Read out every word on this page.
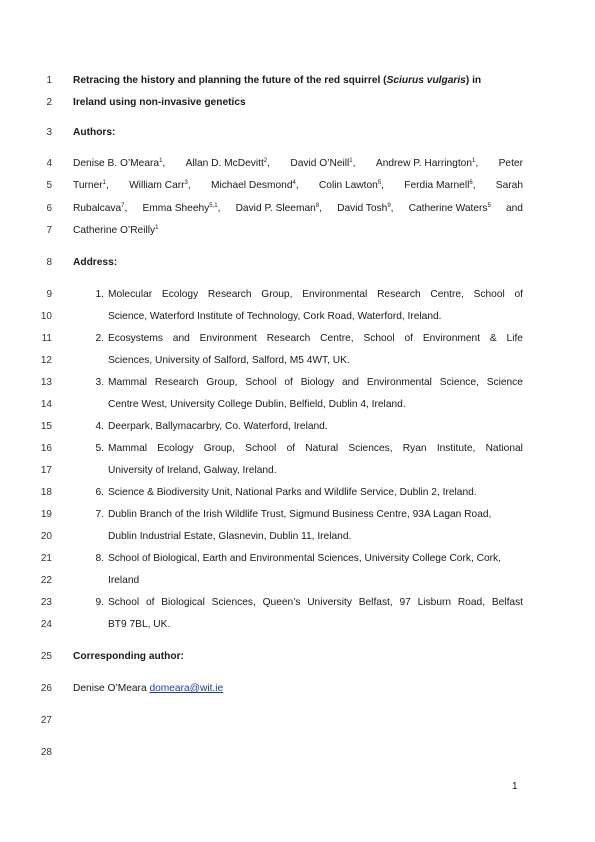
1
2
3
4
5
6
7
8
9
10
11
12
13
14
15
16
17
18
19
20
21
22
23
24
25
26
27
28
Retracing the history and planning the future of the red squirrel (Sciurus vulgaris) in
Ireland using non-invasive genetics
Authors:
Denise B. O’Meara$^1$, Allan D. McDevitt$^2$, David O’Neill$^1$, Andrew P. Harrington$^1$, Peter
Turner$^1$, William Carr$^3$, Michael Desmond$^4$, Colin Lawton$^5$, Ferdia Marnell$^6$, Sarah
Rubalcava$^7$, Emma Sheehy$^{5,1}$, David P. Sleeman$^8$, David Tosh$^9$, Catherine Waters$^5$ and
Catherine O’Reilly$^1$
Address:
1. Molecular Ecology Research Group, Environmental Research Centre, School of
Science, Waterford Institute of Technology, Cork Road, Waterford, Ireland.
2. Ecosystems and Environment Research Centre, School of Environment & Life
Sciences, University of Salford, Salford, M5 4WT, UK.
3. Mammal Research Group, School of Biology and Environmental Science, Science
Centre West, University College Dublin, Belfield, Dublin 4, Ireland.
4. Deerpark, Ballymacarbry, Co. Waterford, Ireland.
5. Mammal Ecology Group, School of Natural Sciences, Ryan Institute, National
University of Ireland, Galway, Ireland.
6. Science & Biodiversity Unit, National Parks and Wildlife Service, Dublin 2, Ireland.
7. Dublin Branch of the Irish Wildlife Trust, Sigmund Business Centre, 93A Lagan Road,
Dublin Industrial Estate, Glasnevin, Dublin 11, Ireland.
8. School of Biological, Earth and Environmental Sciences, University College Cork, Cork,
Ireland
9. School of Biological Sciences, Queen’s University Belfast, 97 Lisburn Road, Belfast
BT9 7BL, UK.
Corresponding author:
Denise O’Meara domeara@wit.ie
1
